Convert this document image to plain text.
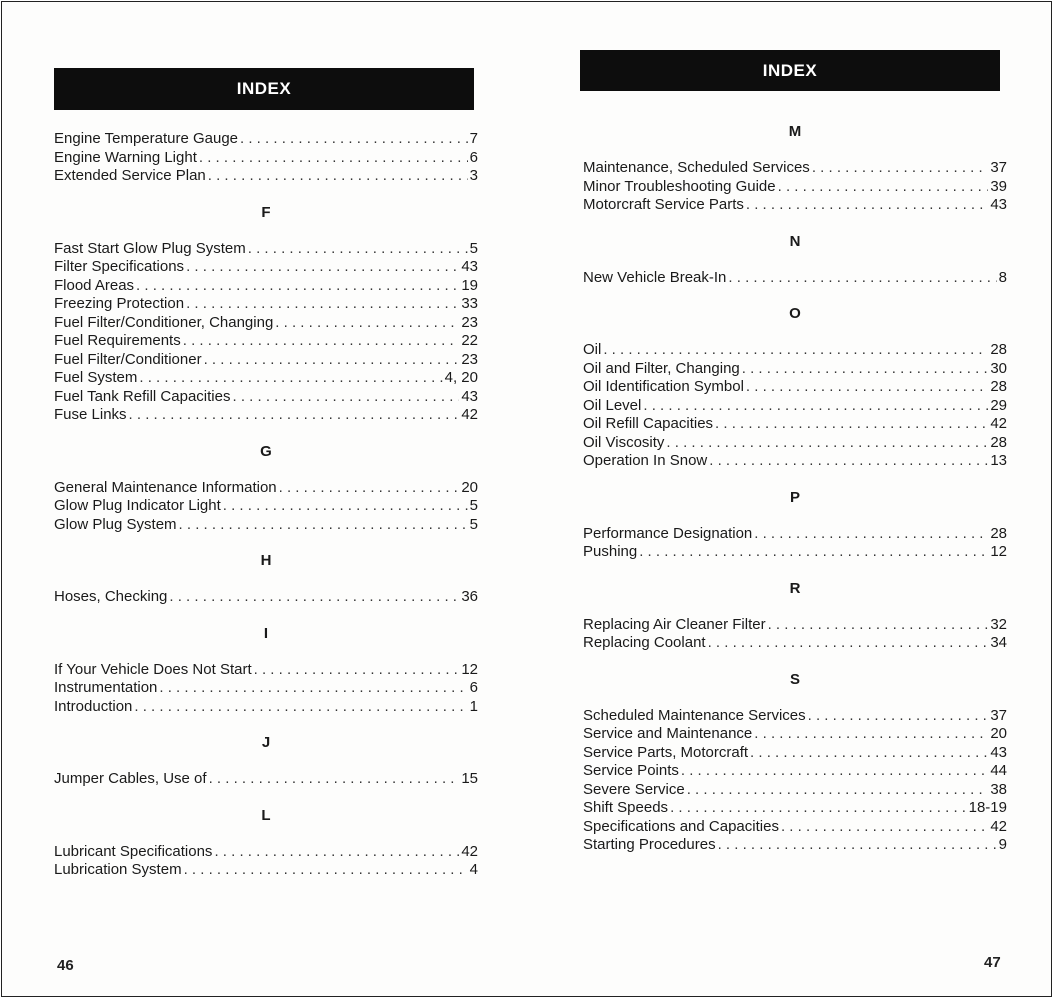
INDEX
Engine Temperature Gauge . . .	7
Engine Warning Light . . .	6
Extended Service Plan . . .	3
F
Fast Start Glow Plug System . . .	5
Filter Specifications . . .	43
Flood Areas . . .	19
Freezing Protection . . .	33
Fuel Filter/Conditioner, Changing . . .	23
Fuel Requirements . . .	22
Fuel Filter/Conditioner . . .	23
Fuel System . . .	4, 20
Fuel Tank Refill Capacities . . .	43
Fuse Links . . .	42
G
General Maintenance Information . . .	20
Glow Plug Indicator Light . . .	5
Glow Plug System . . .	5
H
Hoses, Checking . . .	36
I
If Your Vehicle Does Not Start . . .	12
Instrumentation . . .	6
Introduction . . .	1
J
Jumper Cables, Use of . . .	15
L
Lubricant Specifications . . .	42
Lubrication System . . .	4
46
INDEX
M
Maintenance, Scheduled Services . . .	37
Minor Troubleshooting Guide . . .	39
Motorcraft Service Parts . . .	43
N
New Vehicle Break-In . . .	8
O
Oil . . .	28
Oil and Filter, Changing . . .	30
Oil Identification Symbol . . .	28
Oil Level . . .	29
Oil Refill Capacities . . .	42
Oil Viscosity . . .	28
Operation In Snow . . .	13
P
Performance Designation . . .	28
Pushing . . .	12
R
Replacing Air Cleaner Filter . . .	32
Replacing Coolant . . .	34
S
Scheduled Maintenance Services . . .	37
Service and Maintenance . . .	20
Service Parts, Motorcraft . . .	43
Service Points . . .	44
Severe Service . . .	38
Shift Speeds . . .	18-19
Specifications and Capacities . . .	42
Starting Procedures . . .	9
47
